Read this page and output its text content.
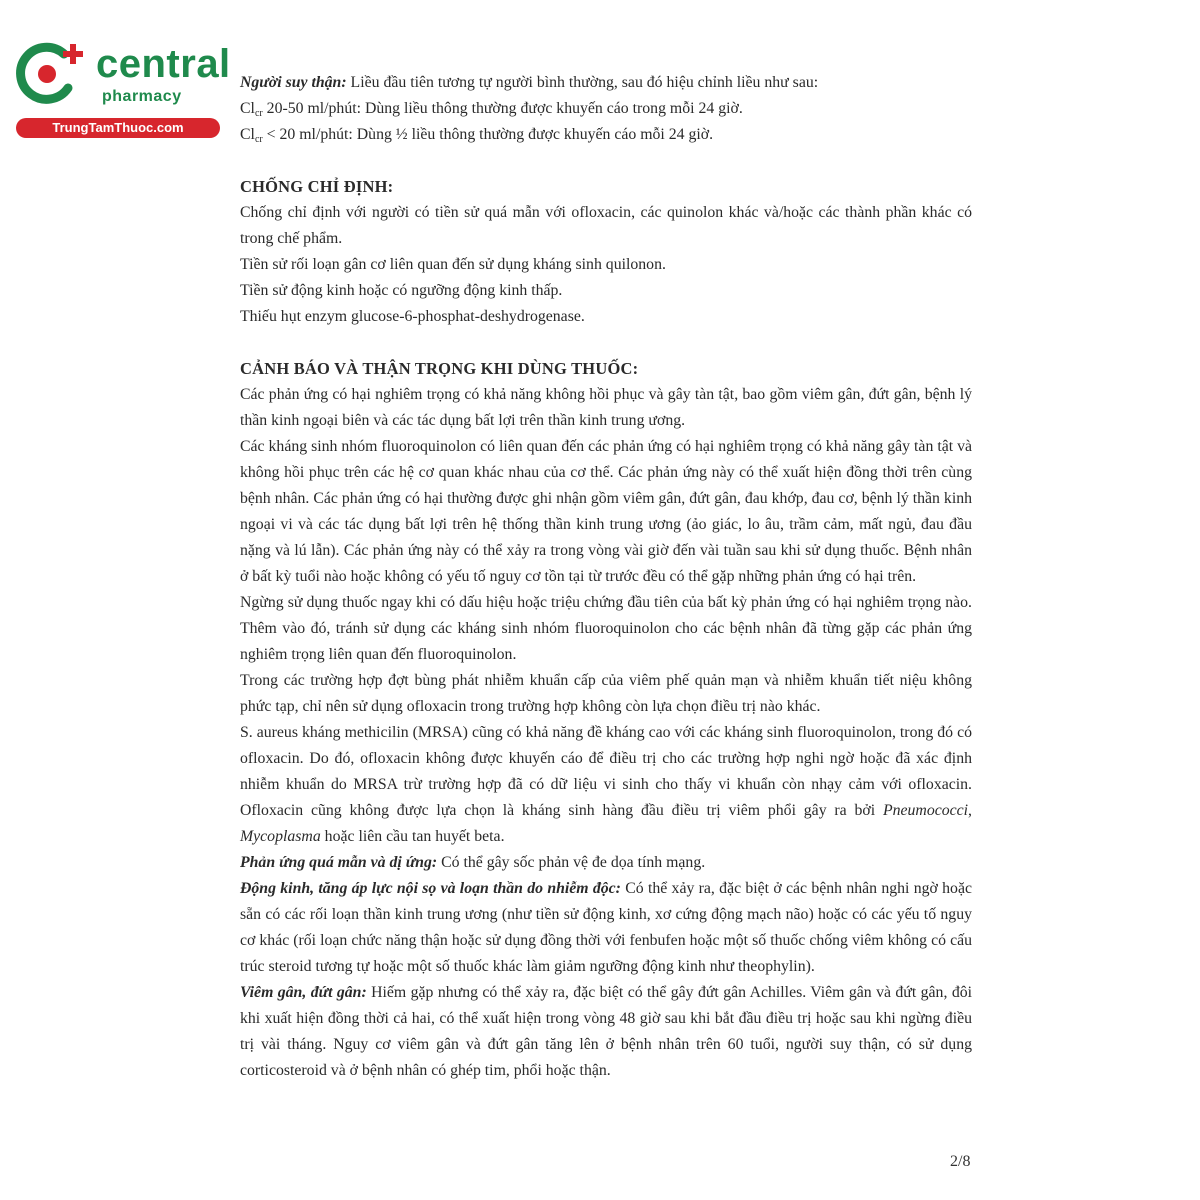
central
pharmacy
TrungTamThuoc.com

Người suy thận: Liều đầu tiên tương tự người bình thường, sau đó hiệu chỉnh liều như sau:

$Cl_{cr}$ 20-50 ml/phút: Dùng liều thông thường được khuyến cáo trong mỗi 24 giờ.

$Cl_{cr} < 20$ ml/phút: Dùng ½ liều thông thường được khuyến cáo mỗi 24 giờ.

CHỐNG CHỈ ĐỊNH:

Chống chỉ định với người có tiền sử quá mẫn với ofloxacin, các quinolon khác và/hoặc các thành phần khác có trong chế phẩm.

Tiền sử rối loạn gân cơ liên quan đến sử dụng kháng sinh quilonon.

Tiền sử động kinh hoặc có ngưỡng động kinh thấp.

Thiếu hụt enzym glucose-6-phosphat-deshydrogenase.

CẢNH BÁO VÀ THẬN TRỌNG KHI DÙNG THUỐC:

Các phản ứng có hại nghiêm trọng có khả năng không hồi phục và gây tàn tật, bao gồm viêm gân, đứt gân, bệnh lý thần kinh ngoại biên và các tác dụng bất lợi trên thần kinh trung ương.

Các kháng sinh nhóm fluoroquinolon có liên quan đến các phản ứng có hại nghiêm trọng có khả năng gây tàn tật và không hồi phục trên các hệ cơ quan khác nhau của cơ thể. Các phản ứng này có thể xuất hiện đồng thời trên cùng bệnh nhân. Các phản ứng có hại thường được ghi nhận gồm viêm gân, đứt gân, đau khớp, đau cơ, bệnh lý thần kinh ngoại vi và các tác dụng bất lợi trên hệ thống thần kinh trung ương (ảo giác, lo âu, trầm cảm, mất ngủ, đau đầu nặng và lú lẫn). Các phản ứng này có thể xảy ra trong vòng vài giờ đến vài tuần sau khi sử dụng thuốc. Bệnh nhân ở bất kỳ tuổi nào hoặc không có yếu tố nguy cơ tồn tại từ trước đều có thể gặp những phản ứng có hại trên.

Ngừng sử dụng thuốc ngay khi có dấu hiệu hoặc triệu chứng đầu tiên của bất kỳ phản ứng có hại nghiêm trọng nào. Thêm vào đó, tránh sử dụng các kháng sinh nhóm fluoroquinolon cho các bệnh nhân đã từng gặp các phản ứng nghiêm trọng liên quan đến fluoroquinolon.

Trong các trường hợp đợt bùng phát nhiễm khuẩn cấp của viêm phế quản mạn và nhiễm khuẩn tiết niệu không phức tạp, chỉ nên sử dụng ofloxacin trong trường hợp không còn lựa chọn điều trị nào khác.

S. aureus kháng methicilin (MRSA) cũng có khả năng đề kháng cao với các kháng sinh fluoroquinolon, trong đó có ofloxacin. Do đó, ofloxacin không được khuyến cáo để điều trị cho các trường hợp nghi ngờ hoặc đã xác định nhiễm khuẩn do MRSA trừ trường hợp đã có dữ liệu vi sinh cho thấy vi khuẩn còn nhạy cảm với ofloxacin. Ofloxacin cũng không được lựa chọn là kháng sinh hàng đầu điều trị viêm phổi gây ra bởi Pneumococci, Mycoplasma hoặc liên cầu tan huyết beta.

Phản ứng quá mẫn và dị ứng: Có thể gây sốc phản vệ đe dọa tính mạng.

Động kinh, tăng áp lực nội sọ và loạn thần do nhiễm độc: Có thể xảy ra, đặc biệt ở các bệnh nhân nghi ngờ hoặc sẵn có các rối loạn thần kinh trung ương (như tiền sử động kinh, xơ cứng động mạch não) hoặc có các yếu tố nguy cơ khác (rối loạn chức năng thận hoặc sử dụng đồng thời với fenbufen hoặc một số thuốc chống viêm không có cấu trúc steroid tương tự hoặc một số thuốc khác làm giảm ngưỡng động kinh như theophylin).

Viêm gân, đứt gân: Hiếm gặp nhưng có thể xảy ra, đặc biệt có thể gây đứt gân Achilles. Viêm gân và đứt gân, đôi khi xuất hiện đồng thời cả hai, có thể xuất hiện trong vòng 48 giờ sau khi bắt đầu điều trị hoặc sau khi ngừng điều trị vài tháng. Nguy cơ viêm gân và đứt gân tăng lên ở bệnh nhân trên 60 tuổi, người suy thận, có sử dụng corticosteroid và ở bệnh nhân có ghép tim, phổi hoặc thận.

2/8
